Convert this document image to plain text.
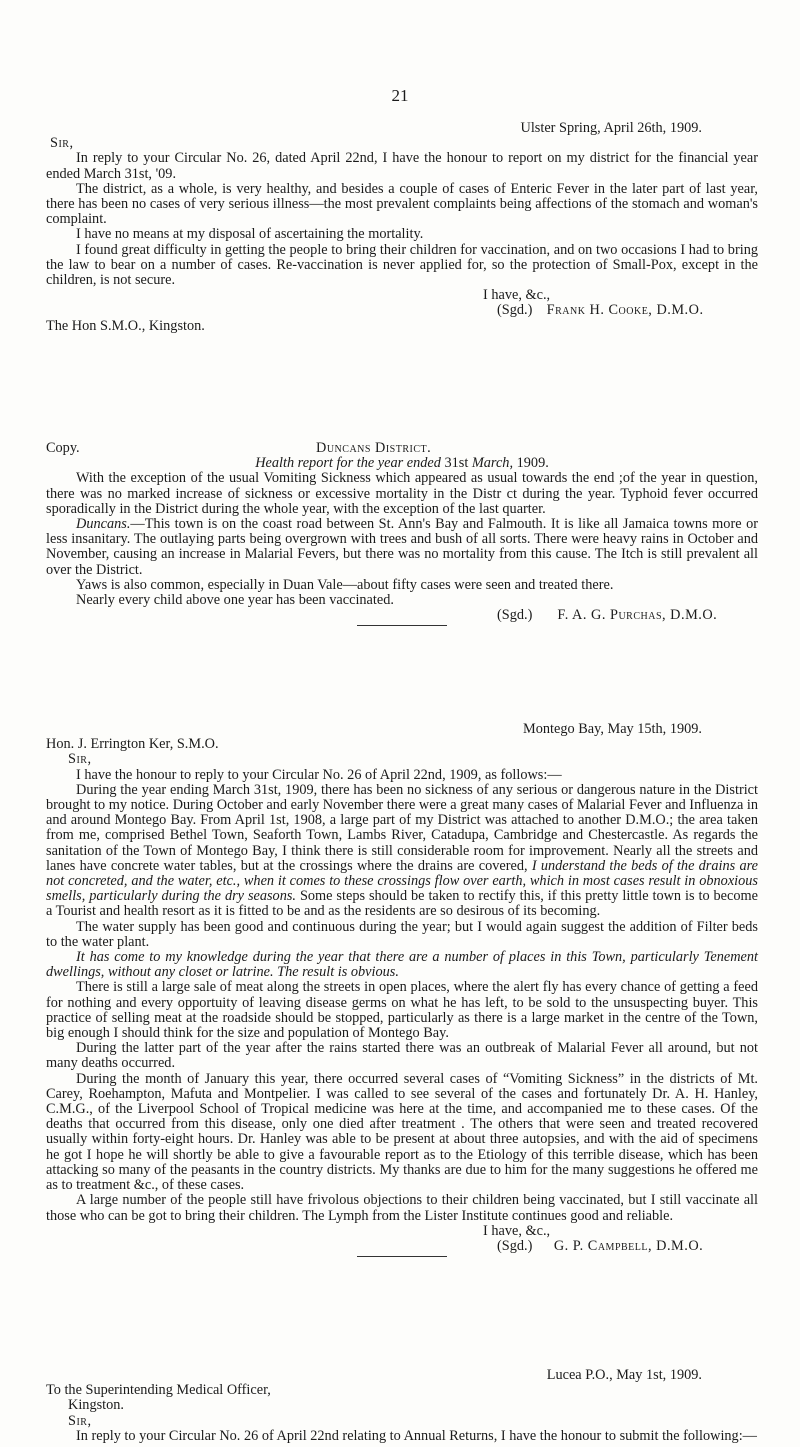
21

Ulster Spring, April 26th, 1909.

Sir,

In reply to your Circular No. 26, dated April 22nd, I have the honour to report on my district for the financial year ended March 31st, '09.

The district, as a whole, is very healthy, and besides a couple of cases of Enteric Fever in the later part of last year, there has been no cases of very serious illness—the most prevalent complaints being affections of the stomach and woman's complaint.

I have no means at my disposal of ascertaining the mortality.

I found great difficulty in getting the people to bring their children for vaccination, and on two occasions I had to bring the law to bear on a number of cases. Re-vaccination is never applied for, so the protection of Small-Pox, except in the children, is not secure.

I have, &c.,

(Sgd.) Frank H. Cooke, D.M.O.

The Hon S.M.O., Kingston.

Copy.	Duncans District.

Health report for the year ended 31st March, 1909.

With the exception of the usual Vomiting Sickness which appeared as usual towards the end ;of the year in question, there was no marked increase of sickness or excessive mortality in the Distr ct during the year. Typhoid fever occurred sporadically in the District during the whole year, with the exception of the last quarter.

Duncans.—This town is on the coast road between St. Ann's Bay and Falmouth. It is like all Jamaica towns more or less insanitary. The outlaying parts being overgrown with trees and bush of all sorts. There were heavy rains in October and November, causing an increase in Malarial Fevers, but there was no mortality from this cause. The Itch is still prevalent all over the District.

Yaws is also common, especially in Duan Vale—about fifty cases were seen and treated there.

Nearly every child above one year has been vaccinated.

(Sgd.) F. A. G. Purchas, D.M.O.

Montego Bay, May 15th, 1909.

Hon. J. Errington Ker, S.M.O.

Sir,

I have the honour to reply to your Circular No. 26 of April 22nd, 1909, as follows:—

During the year ending March 31st, 1909, there has been no sickness of any serious or dangerous nature in the District brought to my notice. During October and early November there were a great many cases of Malarial Fever and Influenza in and around Montego Bay. From April 1st, 1908, a large part of my District was attached to another D.M.O.; the area taken from me, comprised Bethel Town, Seaforth Town, Lambs River, Catadupa, Cambridge and Chestercastle. As regards the sanitation of the Town of Montego Bay, I think there is still considerable room for improvement. Nearly all the streets and lanes have concrete water tables, but at the crossings where the drains are covered, I understand the beds of the drains are not concreted, and the water, etc., when it comes to these crossings flow over earth, which in most cases result in obnoxious smells, particularly during the dry seasons. Some steps should be taken to rectify this, if this pretty little town is to become a Tourist and health resort as it is fitted to be and as the residents are so desirous of its becoming.

The water supply has been good and continuous during the year; but I would again suggest the addition of Filter beds to the water plant.

It has come to my knowledge during the year that there are a number of places in this Town, particularly Tenement dwellings, without any closet or latrine. The result is obvious.

There is still a large sale of meat along the streets in open places, where the alert fly has every chance of getting a feed for nothing and every opportuity of leaving disease germs on what he has left, to be sold to the unsuspecting buyer. This practice of selling meat at the roadside should be stopped, particularly as there is a large market in the centre of the Town, big enough I should think for the size and population of Montego Bay.

During the latter part of the year after the rains started there was an outbreak of Malarial Fever all around, but not many deaths occurred.

During the month of January this year, there occurred several cases of “Vomiting Sickness” in the districts of Mt. Carey, Roehampton, Mafuta and Montpelier. I was called to see several of the cases and fortunately Dr. A. H. Hanley, C.M.G., of the Liverpool School of Tropical medicine was here at the time, and accompanied me to these cases. Of the deaths that occurred from this disease, only one died after treatment . The others that were seen and treated recovered usually within forty-eight hours. Dr. Hanley was able to be present at about three autopsies, and with the aid of specimens he got I hope he will shortly be able to give a favourable report as to the Etiology of this terrible disease, which has been attacking so many of the peasants in the country districts. My thanks are due to him for the many suggestions he offered me as to treatment &c., of these cases.

A large number of the people still have frivolous objections to their children being vaccinated, but I still vaccinate all those who can be got to bring their children. The Lymph from the Lister Institute continues good and reliable.

I have, &c.,

(Sgd.) G. P. Campbell, D.M.O.

Lucea P.O., May 1st, 1909.

To the Superintending Medical Officer,

Kingston.

Sir,

In reply to your Circular No. 26 of April 22nd relating to Annual Returns, I have the honour to submit the following:—
